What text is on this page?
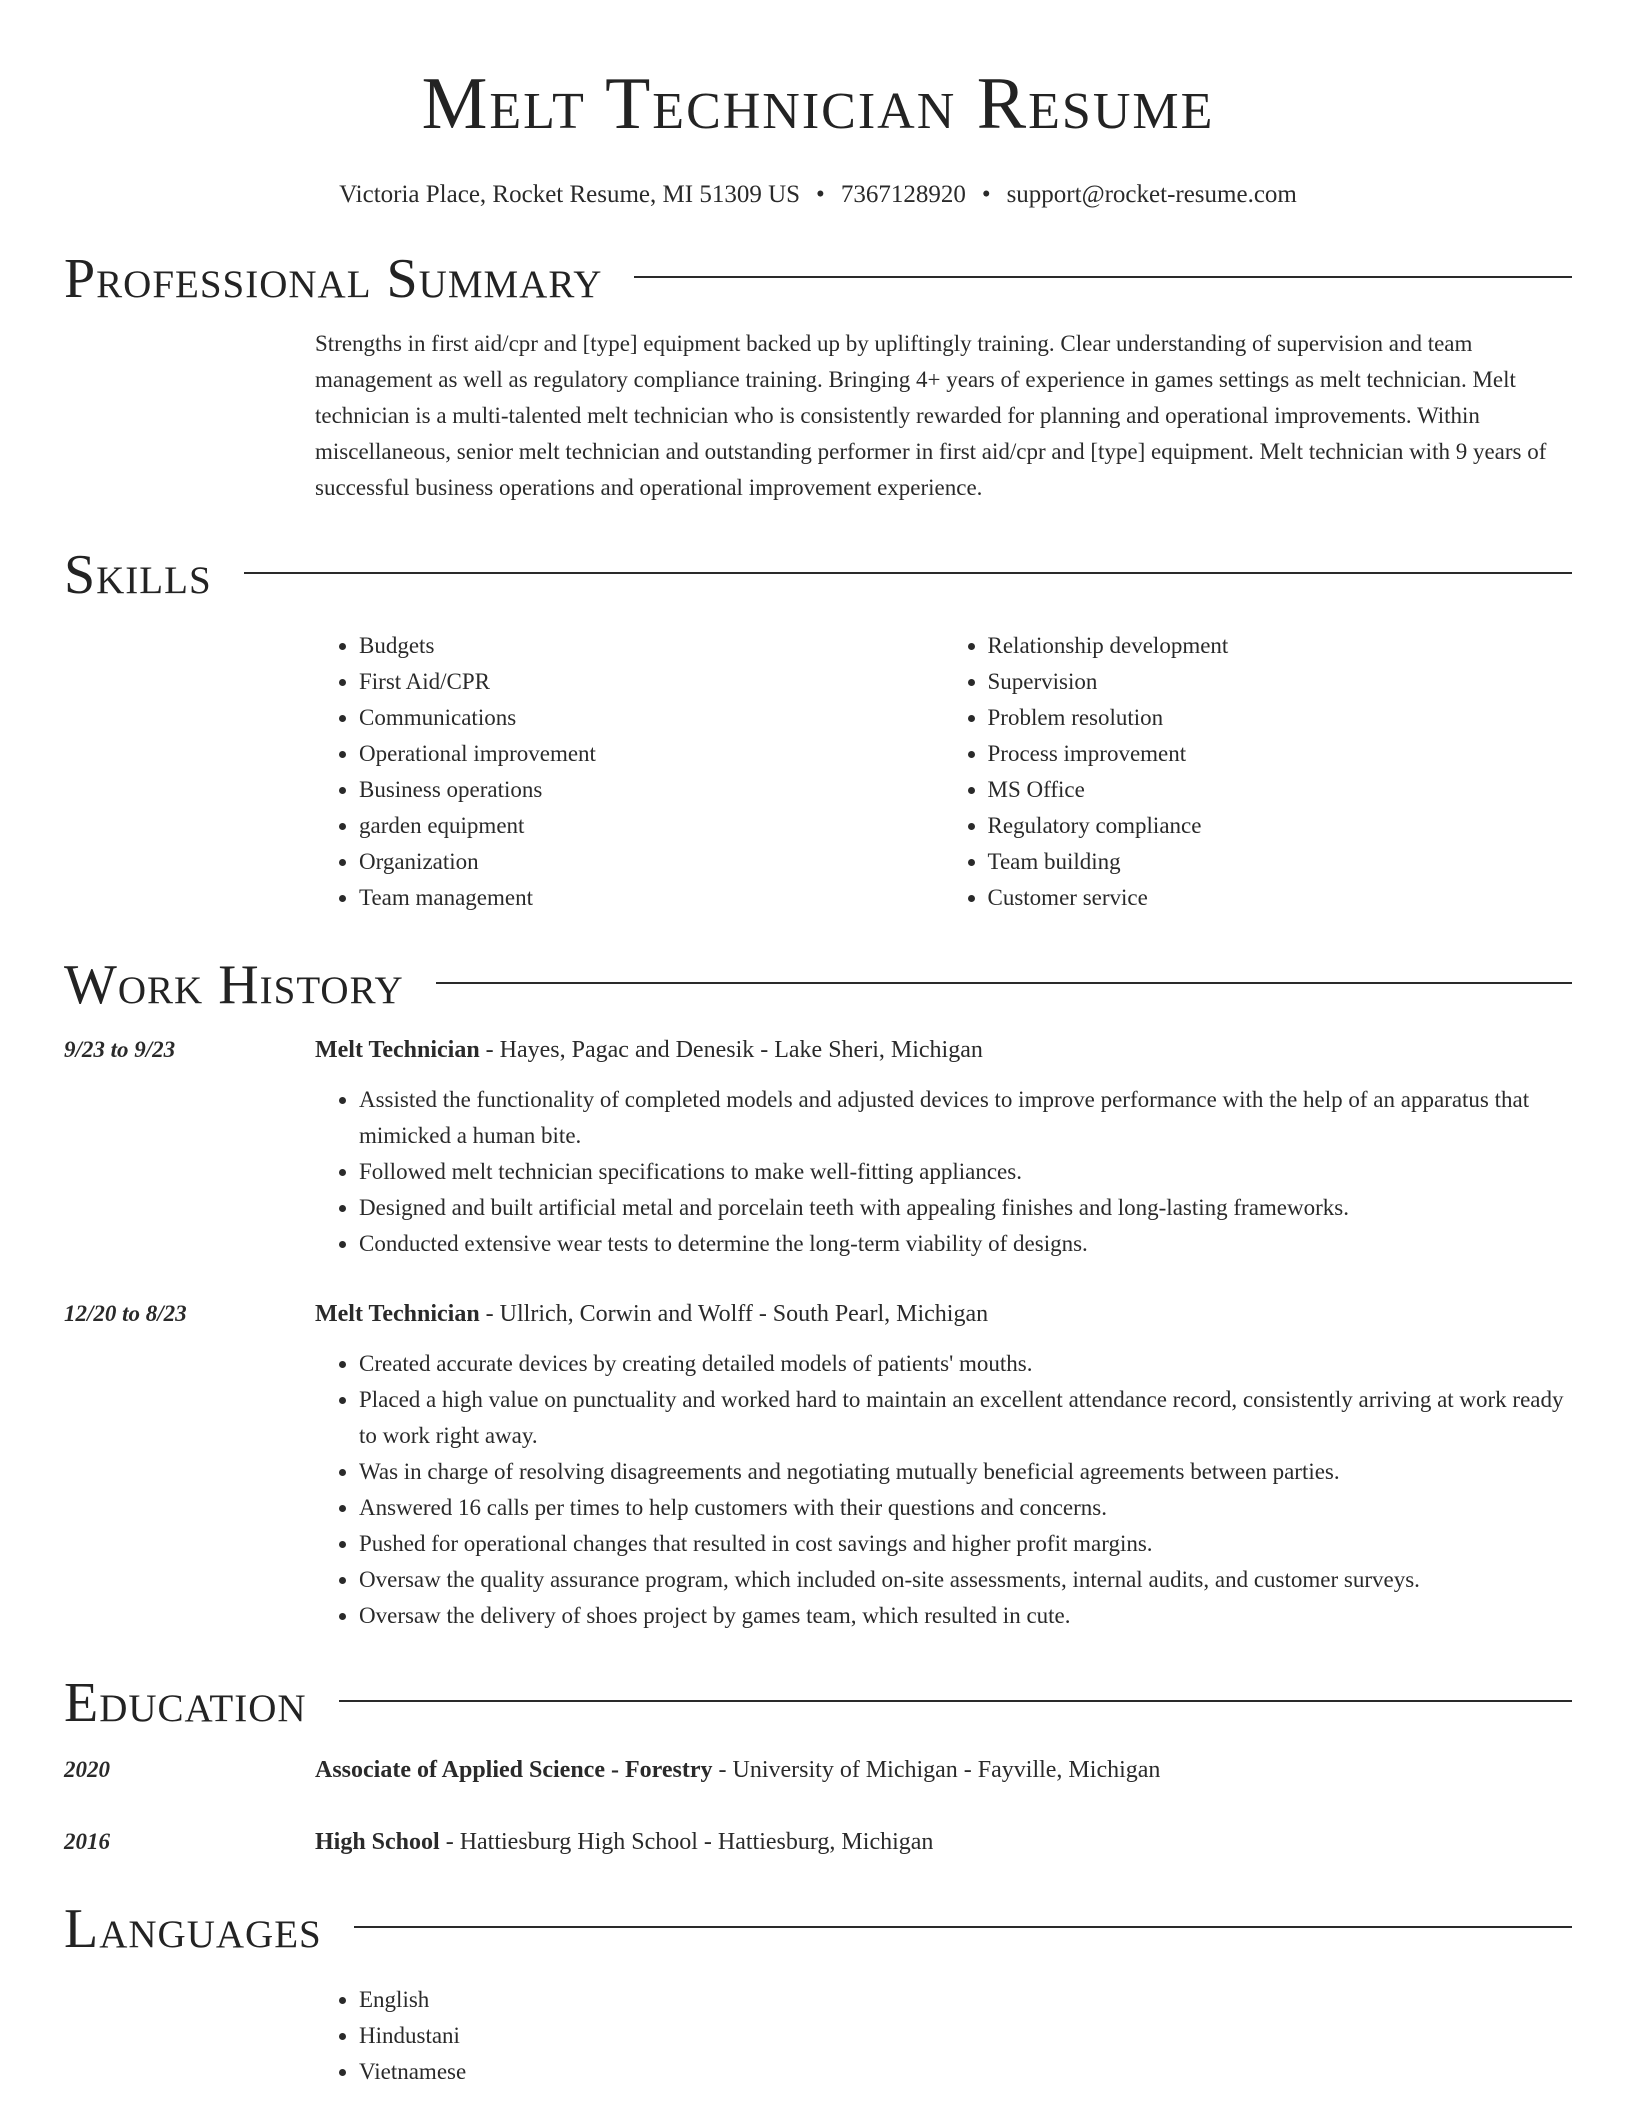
Melt Technician Resume
Victoria Place, Rocket Resume, MI 51309 US • 7367128920 • support@rocket-resume.com
Professional Summary
Strengths in first aid/cpr and [type] equipment backed up by upliftingly training. Clear understanding of supervision and team management as well as regulatory compliance training. Bringing 4+ years of experience in games settings as melt technician. Melt technician is a multi-talented melt technician who is consistently rewarded for planning and operational improvements. Within miscellaneous, senior melt technician and outstanding performer in first aid/cpr and [type] equipment. Melt technician with 9 years of successful business operations and operational improvement experience.
Skills
• Budgets
• First Aid/CPR
• Communications
• Operational improvement
• Business operations
• garden equipment
• Organization
• Team management
• Relationship development
• Supervision
• Problem resolution
• Process improvement
• MS Office
• Regulatory compliance
• Team building
• Customer service
Work History
9/23 to 9/23	Melt Technician - Hayes, Pagac and Denesik - Lake Sheri, Michigan
• Assisted the functionality of completed models and adjusted devices to improve performance with the help of an apparatus that mimicked a human bite.
• Followed melt technician specifications to make well-fitting appliances.
• Designed and built artificial metal and porcelain teeth with appealing finishes and long-lasting frameworks.
• Conducted extensive wear tests to determine the long-term viability of designs.
12/20 to 8/23	Melt Technician - Ullrich, Corwin and Wolff - South Pearl, Michigan
• Created accurate devices by creating detailed models of patients' mouths.
• Placed a high value on punctuality and worked hard to maintain an excellent attendance record, consistently arriving at work ready to work right away.
• Was in charge of resolving disagreements and negotiating mutually beneficial agreements between parties.
• Answered 16 calls per times to help customers with their questions and concerns.
• Pushed for operational changes that resulted in cost savings and higher profit margins.
• Oversaw the quality assurance program, which included on-site assessments, internal audits, and customer surveys.
• Oversaw the delivery of shoes project by games team, which resulted in cute.
Education
2020	Associate of Applied Science - Forestry - University of Michigan - Fayville, Michigan
2016	High School - Hattiesburg High School - Hattiesburg, Michigan
Languages
• English
• Hindustani
• Vietnamese
